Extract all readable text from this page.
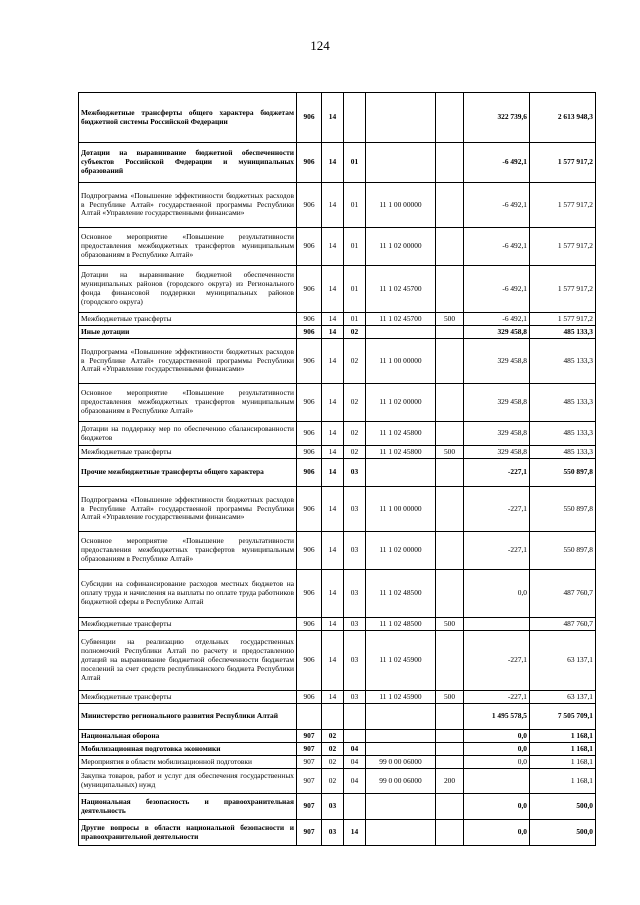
124
Межбюджетные трансферты общего характера бюджетам бюджетной системы Российской Федерации	906	14				322 739,6	2 613 948,3
Дотации на выравнивание бюджетной обеспеченности субъектов Российской Федерации и муниципальных образований	906	14	01			-6 492,1	1 577 917,2
Подпрограмма «Повышение эффективности бюджетных расходов в Республике Алтай» государственной программы Республики Алтай «Управление государственными финансами»	906	14	01	11 1 00 00000		-6 492,1	1 577 917,2
Основное мероприятие «Повышение результативности предоставления межбюджетных трансфертов муниципальным образованиям в Республике Алтай»	906	14	01	11 1 02 00000		-6 492,1	1 577 917,2
Дотации на выравнивание бюджетной обеспеченности муниципальных районов (городского округа) из Регионального фонда финансовой поддержки муниципальных районов (городского округа)	906	14	01	11 1 02 45700		-6 492,1	1 577 917,2
Межбюджетные трансферты	906	14	01	11 1 02 45700	500	-6 492,1	1 577 917,2
Иные дотации	906	14	02			329 458,8	485 133,3
Подпрограмма «Повышение эффективности бюджетных расходов в Республике Алтай» государственной программы Республики Алтай «Управление государственными финансами»	906	14	02	11 1 00 00000		329 458,8	485 133,3
Основное мероприятие «Повышение результативности предоставления межбюджетных трансфертов муниципальным образованиям в Республике Алтай»	906	14	02	11 1 02 00000		329 458,8	485 133,3
Дотации на поддержку мер по обеспечению сбалансированности бюджетов	906	14	02	11 1 02 45800		329 458,8	485 133,3
Межбюджетные трансферты	906	14	02	11 1 02 45800	500	329 458,8	485 133,3
Прочие межбюджетные трансферты общего характера	906	14	03			-227,1	550 897,8
Подпрограмма «Повышение эффективности бюджетных расходов в Республике Алтай» государственной программы Республики Алтай «Управление государственными финансами»	906	14	03	11 1 00 00000		-227,1	550 897,8
Основное мероприятие «Повышение результативности предоставления межбюджетных трансфертов муниципальным образованиям в Республике Алтай»	906	14	03	11 1 02 00000		-227,1	550 897,8
Субсидии на софинансирование расходов местных бюджетов на оплату труда и начисления на выплаты по оплате труда работников бюджетной сферы в Республике Алтай	906	14	03	11 1 02 48500		0,0	487 760,7
Межбюджетные трансферты	906	14	03	11 1 02 48500	500		487 760,7
Субвенции на реализацию отдельных государственных полномочий Республики Алтай по расчету и предоставлению дотаций на выравнивание бюджетной обеспеченности бюджетам поселений за счет средств республиканского бюджета Республики Алтай	906	14	03	11 1 02 45900		-227,1	63 137,1
Межбюджетные трансферты	906	14	03	11 1 02 45900	500	-227,1	63 137,1
Министерство регионального развития Республики Алтай						1 495 578,5	7 505 709,1
Национальная оборона	907	02				0,0	1 168,1
Мобилизационная подготовка экономики	907	02	04			0,0	1 168,1
Мероприятия в области мобилизационной подготовки	907	02	04	99 0 00 06000		0,0	1 168,1
Закупка товаров, работ и услуг для обеспечения государственных (муниципальных) нужд	907	02	04	99 0 00 06000	200		1 168,1
Национальная безопасность и правоохранительная деятельность	907	03				0,0	500,0
Другие вопросы в области национальной безопасности и правоохранительной деятельности	907	03	14			0,0	500,0
